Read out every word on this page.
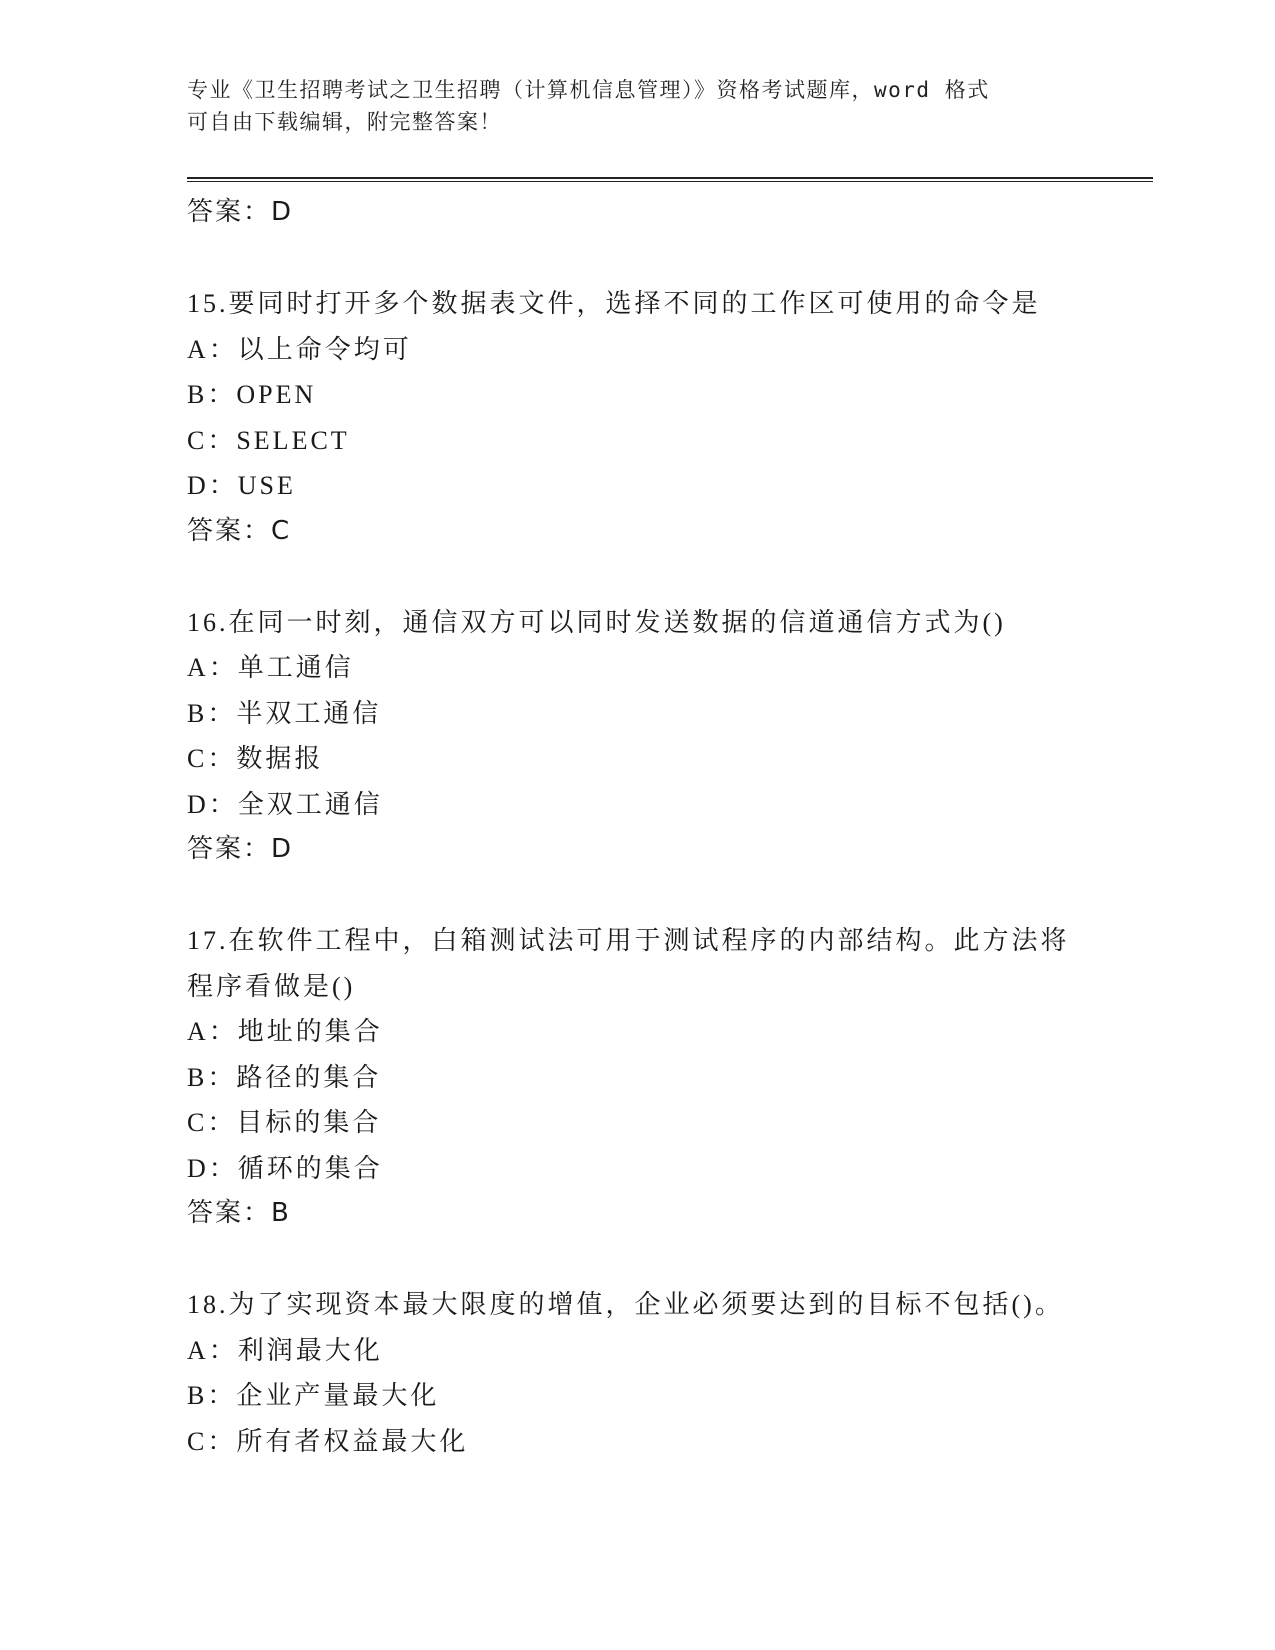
专业《卫生招聘考试之卫生招聘（计算机信息管理）》资格考试题库，word 格式
可自由下载编辑，附完整答案！
答案：D
15.要同时打开多个数据表文件，选择不同的工作区可使用的命令是
A：以上命令均可
B：OPEN
C：SELECT
D：USE
答案：C
16.在同一时刻，通信双方可以同时发送数据的信道通信方式为()
A：单工通信
B：半双工通信
C：数据报
D：全双工通信
答案：D
17.在软件工程中，白箱测试法可用于测试程序的内部结构。此方法将
程序看做是()
A：地址的集合
B：路径的集合
C：目标的集合
D：循环的集合
答案：B
18.为了实现资本最大限度的增值，企业必须要达到的目标不包括()。
A：利润最大化
B：企业产量最大化
C：所有者权益最大化
